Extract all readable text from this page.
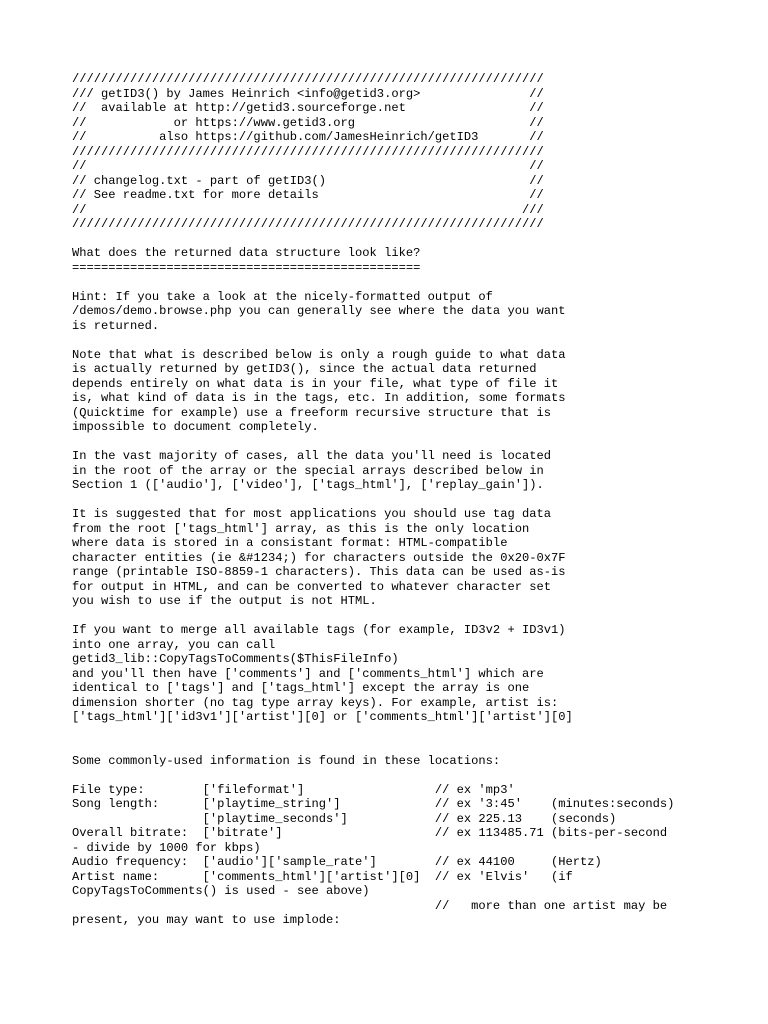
/////////////////////////////////////////////////////////////////
/// getID3() by James Heinrich <info@getid3.org>               //
//  available at http://getid3.sourceforge.net                 //
//            or https://www.getid3.org                        //
//          also https://github.com/JamesHeinrich/getID3       //
/////////////////////////////////////////////////////////////////
//                                                             //
// changelog.txt - part of getID3()                            //
// See readme.txt for more details                             //
//                                                            ///
/////////////////////////////////////////////////////////////////
What does the returned data structure look like?
================================================
Hint: If you take a look at the nicely-formatted output of
/demos/demo.browse.php you can generally see where the data you want
is returned.
Note that what is described below is only a rough guide to what data
is actually returned by getID3(), since the actual data returned
depends entirely on what data is in your file, what type of file it
is, what kind of data is in the tags, etc. In addition, some formats
(Quicktime for example) use a freeform recursive structure that is
impossible to document completely.
In the vast majority of cases, all the data you'll need is located
in the root of the array or the special arrays described below in
Section 1 (['audio'], ['video'], ['tags_html'], ['replay_gain']).
It is suggested that for most applications you should use tag data
from the root ['tags_html'] array, as this is the only location
where data is stored in a consistant format: HTML-compatible
character entities (ie &#1234;) for characters outside the 0x20-0x7F
range (printable ISO-8859-1 characters). This data can be used as-is
for output in HTML, and can be converted to whatever character set
you wish to use if the output is not HTML.
If you want to merge all available tags (for example, ID3v2 + ID3v1)
into one array, you can call
getid3_lib::CopyTagsToComments($ThisFileInfo)
and you'll then have ['comments'] and ['comments_html'] which are
identical to ['tags'] and ['tags_html'] except the array is one
dimension shorter (no tag type array keys). For example, artist is:
['tags_html']['id3v1']['artist'][0] or ['comments_html']['artist'][0]
Some commonly-used information is found in these locations:
File type:        ['fileformat']                  // ex 'mp3'
Song length:      ['playtime_string']             // ex '3:45'    (minutes:seconds)
['playtime_seconds']            // ex 225.13    (seconds)
Overall bitrate:  ['bitrate']                     // ex 113485.71 (bits-per-second
- divide by 1000 for kbps)
Audio frequency:  ['audio']['sample_rate']        // ex 44100     (Hertz)
Artist name:      ['comments_html']['artist'][0]  // ex 'Elvis'   (if
CopyTagsToComments() is used - see above)
//   more than one artist may be
present, you may want to use implode:
